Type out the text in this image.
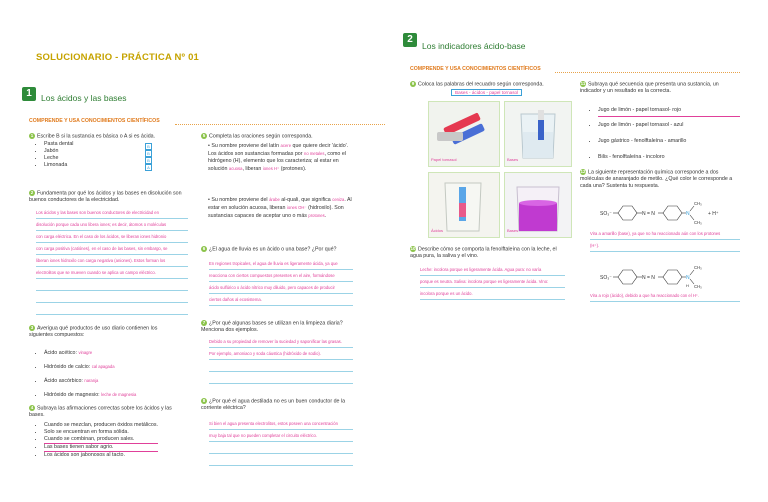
SOLUCIONARIO - PRÁCTICA Nº 01
1	Los ácidos y las bases
COMPRENDE Y USA CONOCIMIENTOS CIENTÍFICOS
1 Escribe B si la sustancia es básica o A si es ácida.
• Pasta dental
• Jabón
• Leche
• Limonada
B
B
B
A
2 Fundamenta por qué los ácidos y las bases en disolución son buenos conductores de la electricidad.
Los ácidos y las bases son buenos conductores de electricidad en
disolución porque cada uno libera iones; es decir, átomos o moléculas
con carga eléctrica. En el caso de los ácidos, se liberan iones hidronio
con carga positiva (catiónes), en el caso de las bases, sin embargo, se
liberan iones hidroxilo con carga negativa (aniones). Estos forman los
electrolitos que se mueven cuando se aplica un campo eléctrico.
3 Averigua qué productos de uso diario contienen los siguientes compuestos:
• Ácido acético: vinagre
• Hidróxido de calcio: cal apagada
• Ácido ascórbico: naranja
• Hidróxido de magnesio: leche de magnesia
4 Subraya las afirmaciones correctas sobre los ácidos y las bases.
• Cuando se mezclan, producen óxidos metálicos.
• Solo se encuentran en forma sólida.
• Cuando se combinan, producen sales.
• Las bases tienen sabor agrio.
• Los ácidos son jabonosos al tacto.
5 Completa las oraciones según corresponda.
• Su nombre proviene del latín acere que quiere decir 'ácido'. Los ácidos son sustancias formadas por no metales, como el hidrógeno (H), elemento que los caracteriza; al estar en solución acuosa, liberan iones H⁺ (protones).
• Su nombre proviene del árabe al-quali, que significa ceniza. Al estar en solución acuosa, liberan iones OH⁻ (hidroxilo). Son sustancias capaces de aceptar uno o más protones.
6 ¿El agua de lluvia es un ácido o una base? ¿Por qué?
En regiones tropicales, el agua de lluvia es ligeramente ácida, ya que
reacciona con ciertos compuestos presentes en el aire, formándose
ácido sulfúrico o ácido nítrico muy diluido, pero capaces de producir
ciertos daños al ecosistema.
7 ¿Por qué algunas bases se utilizan en la limpieza diaria? Menciona dos ejemplos.
Debido a su propiedad de remover la suciedad y saponificar las grasas.
Por ejemplo, amoniaco y soda cáustica (hidróxido de sodio).
8 ¿Por qué el agua destilada no es un buen conductor de la corriente eléctrica?
Si bien el agua presenta electrolitos, estos poseen una concentración
muy baja tal que no pueden completar el circuito eléctrico.
2
Los indicadores ácido-base
COMPRENDE Y USA CONOCIMIENTOS CIENTÍFICOS
9 Coloca las palabras del recuadro según corresponda.
Bases - ácidos - papel tornasol
Papel tornasol	Bases
Ácidos	Bases
10 Describe cómo se comporta la fenolftaleína con la leche, el agua pura, la saliva y el vino.
Leche: incolora porque es ligeramente ácida. Agua pura: no varía
porque es neutra. Saliva: incolora porque es ligeramente ácida. Vino:
incolora porque es un ácido.
11 Subraya qué secuencia que presenta una sustancia, un indicador y un resultado es la correcta.
• Jugo de limón - papel tornasol- rojo
• Jugo de limón - papel tornasol - azul
• Jugo gástrico - fenolftaleína - amarillo
• Bilis - fenolftaleína - incoloro
12 La siguiente representación química corresponde a dos moléculas de anaranjado de metilo. ¿Qué color le corresponde a cada una? Sustenta tu respuesta.
SO₃⁻	N = N	N
CH₃
CH₃
+ H⁺
Vira a amarillo (base), ya que no ha reaccionado aún con los protones
(H⁺).
SO₃⁻	N = N	N
H
CH₃
CH₃
Vira a rojo (ácido), debido a que ha reaccionado con el H⁺.
